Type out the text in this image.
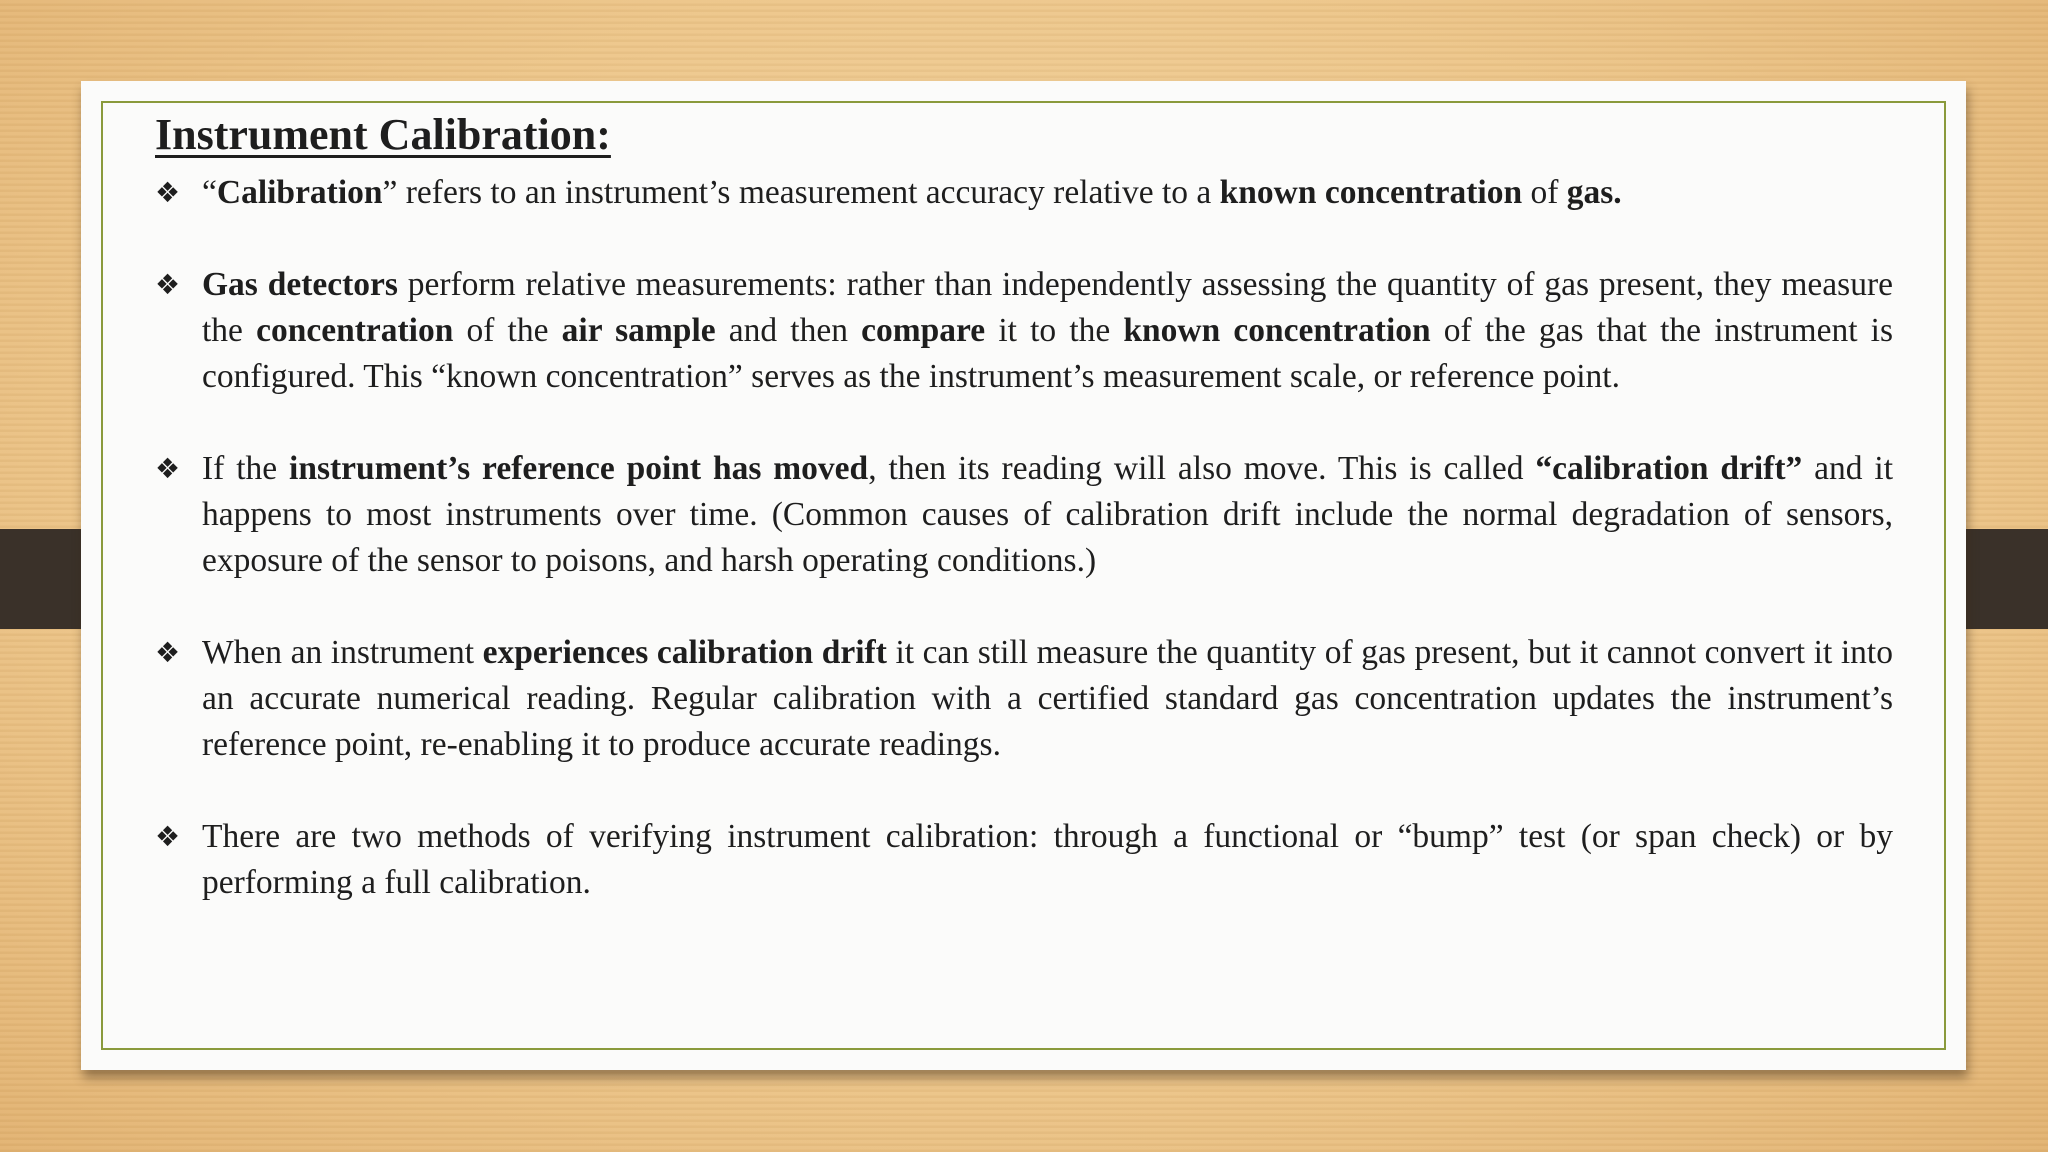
Instrument Calibration:
❖ “Calibration” refers to an instrument’s measurement accuracy relative to a known concentration of gas.
❖ Gas detectors perform relative measurements: rather than independently assessing the quantity of gas present, they measure the concentration of the air sample and then compare it to the known concentration of the gas that the instrument is configured. This “known concentration” serves as the instrument’s measurement scale, or reference point.
❖ If the instrument’s reference point has moved, then its reading will also move. This is called “calibration drift” and it happens to most instruments over time. (Common causes of calibration drift include the normal degradation of sensors, exposure of the sensor to poisons, and harsh operating conditions.)
❖ When an instrument experiences calibration drift it can still measure the quantity of gas present, but it cannot convert it into an accurate numerical reading. Regular calibration with a certified standard gas concentration updates the instrument’s reference point, re-enabling it to produce accurate readings.
❖ There are two methods of verifying instrument calibration: through a functional or “bump” test (or span check) or by performing a full calibration.
